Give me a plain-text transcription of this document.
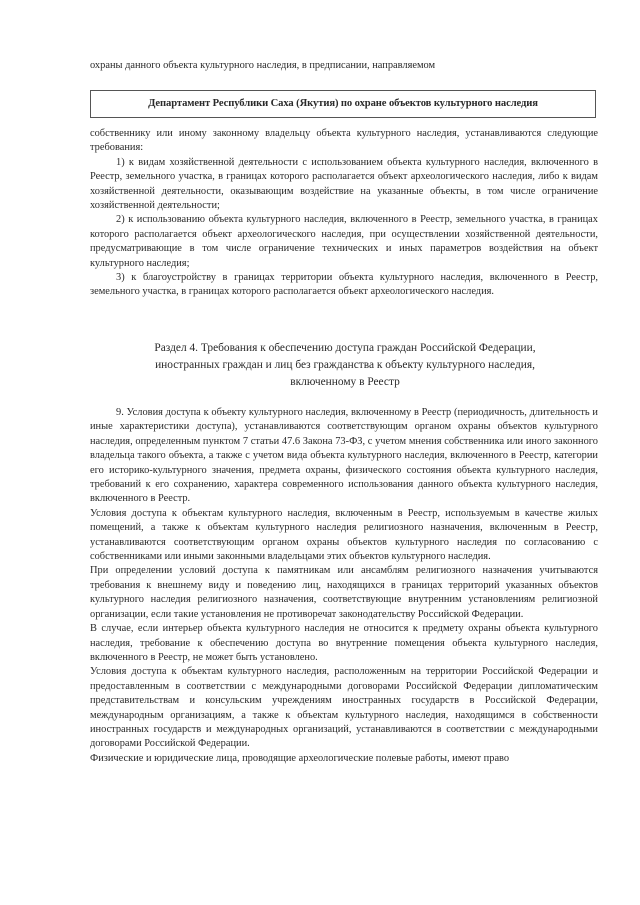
охраны данного объекта культурного наследия, в предписании, направляемом
Департамент Республики Саха (Якутия) по охране объектов культурного наследия

собственнику или иному законному владельцу объекта культурного наследия, устанавливаются следующие требования:

1) к видам хозяйственной деятельности с использованием объекта культурного наследия, включенного в Реестр, земельного участка, в границах которого располагается объект археологического наследия, либо к видам хозяйственной деятельности, оказывающим воздействие на указанные объекты, в том числе ограничение хозяйственной деятельности;

2) к использованию объекта культурного наследия, включенного в Реестр, земельного участка, в границах которого располагается объект археологического наследия, при осуществлении хозяйственной деятельности, предусматривающие в том числе ограничение технических и иных параметров воздействия на объект культурного наследия;

3) к благоустройству в границах территории объекта культурного наследия, включенного в Реестр, земельного участка, в границах которого располагается объект археологического наследия.

Раздел 4. Требования к обеспечению доступа граждан Российской Федерации,
иностранных граждан и лиц без гражданства к объекту культурного наследия,
включенному в Реестр

9. Условия доступа к объекту культурного наследия, включенному в Реестр (периодичность, длительность и иные характеристики доступа), устанавливаются соответствующим органом охраны объектов культурного наследия, определенным пунктом 7 статьи 47.6 Закона 73-ФЗ, с учетом мнения собственника или иного законного владельца такого объекта, а также с учетом вида объекта культурного наследия, включенного в Реестр, категории его историко-культурного значения, предмета охраны, физического состояния объекта культурного наследия, требований к его сохранению, характера современного использования данного объекта культурного наследия, включенного в Реестр.

Условия доступа к объектам культурного наследия, включенным в Реестр, используемым в качестве жилых помещений, а также к объектам культурного наследия религиозного назначения, включенным в Реестр, устанавливаются соответствующим органом охраны объектов культурного наследия по согласованию с собственниками или иными законными владельцами этих объектов культурного наследия.

При определении условий доступа к памятникам или ансамблям религиозного назначения учитываются требования к внешнему виду и поведению лиц, находящихся в границах территорий указанных объектов культурного наследия религиозного назначения, соответствующие внутренним установлениям религиозной организации, если такие установления не противоречат законодательству Российской Федерации.

В случае, если интерьер объекта культурного наследия не относится к предмету охраны объекта культурного наследия, требование к обеспечению доступа во внутренние помещения объекта культурного наследия, включенного в Реестр, не может быть установлено.

Условия доступа к объектам культурного наследия, расположенным на территории Российской Федерации и предоставленным в соответствии с международными договорами Российской Федерации дипломатическим представительствам и консульским учреждениям иностранных государств в Российской Федерации, международным организациям, а также к объектам культурного наследия, находящимся в собственности иностранных государств и международных организаций, устанавливаются в соответствии с международными договорами Российской Федерации.

Физические и юридические лица, проводящие археологические полевые работы, имеют право
